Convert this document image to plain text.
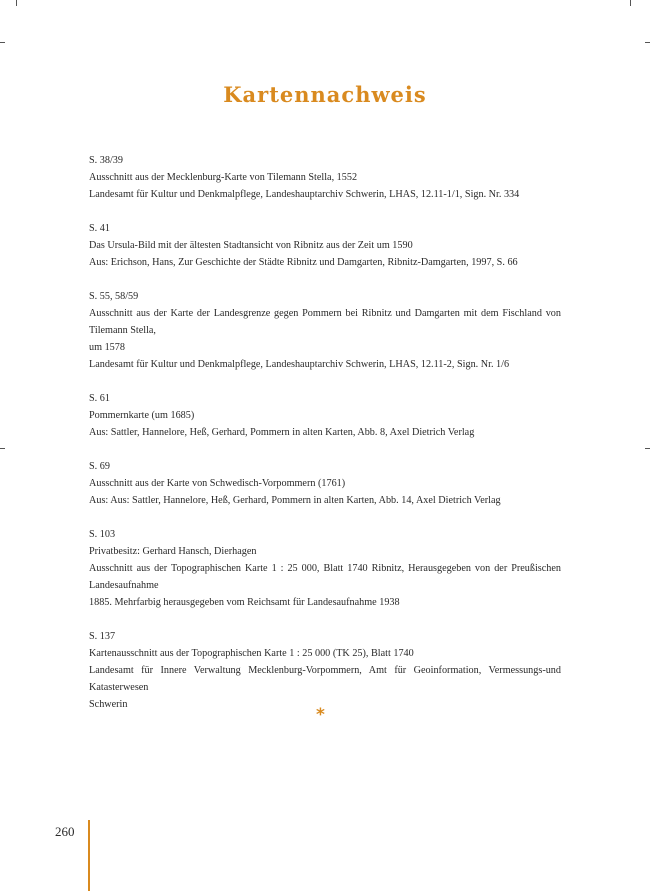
Kartennachweis
S. 38/39
Ausschnitt aus der Mecklenburg-Karte von Tilemann Stella, 1552
Landesamt für Kultur und Denkmalpflege, Landeshauptarchiv Schwerin, LHAS, 12.11-1/1, Sign. Nr. 334
S. 41
Das Ursula-Bild mit der ältesten Stadtansicht von Ribnitz aus der Zeit um 1590
Aus: Erichson, Hans, Zur Geschichte der Städte Ribnitz und Damgarten, Ribnitz-Damgarten, 1997, S. 66
S. 55, 58/59
Ausschnitt aus der Karte der Landesgrenze gegen Pommern bei Ribnitz und Damgarten mit dem Fischland von Tilemann Stella,
um 1578
Landesamt für Kultur und Denkmalpflege, Landeshauptarchiv Schwerin, LHAS, 12.11-2, Sign. Nr. 1/6
S. 61
Pommernkarte (um 1685)
Aus: Sattler, Hannelore, Heß, Gerhard, Pommern in alten Karten, Abb. 8, Axel Dietrich Verlag
S. 69
Ausschnitt aus der Karte von Schwedisch-Vorpommern (1761)
Aus: Aus: Sattler, Hannelore, Heß, Gerhard, Pommern in alten Karten, Abb. 14, Axel Dietrich Verlag
S. 103
Privatbesitz: Gerhard Hansch, Dierhagen
Ausschnitt aus der Topographischen Karte 1 : 25 000, Blatt 1740 Ribnitz, Herausgegeben von der Preußischen Landesaufnahme
1885. Mehrfarbig herausgegeben vom Reichsamt für Landesaufnahme 1938
S. 137
Kartenausschnitt aus der Topographischen Karte 1 : 25 000 (TK 25), Blatt 1740
Landesamt für Innere Verwaltung Mecklenburg-Vorpommern, Amt für Geoinformation, Vermessungs-und Katasterwesen
Schwerin
*
260
